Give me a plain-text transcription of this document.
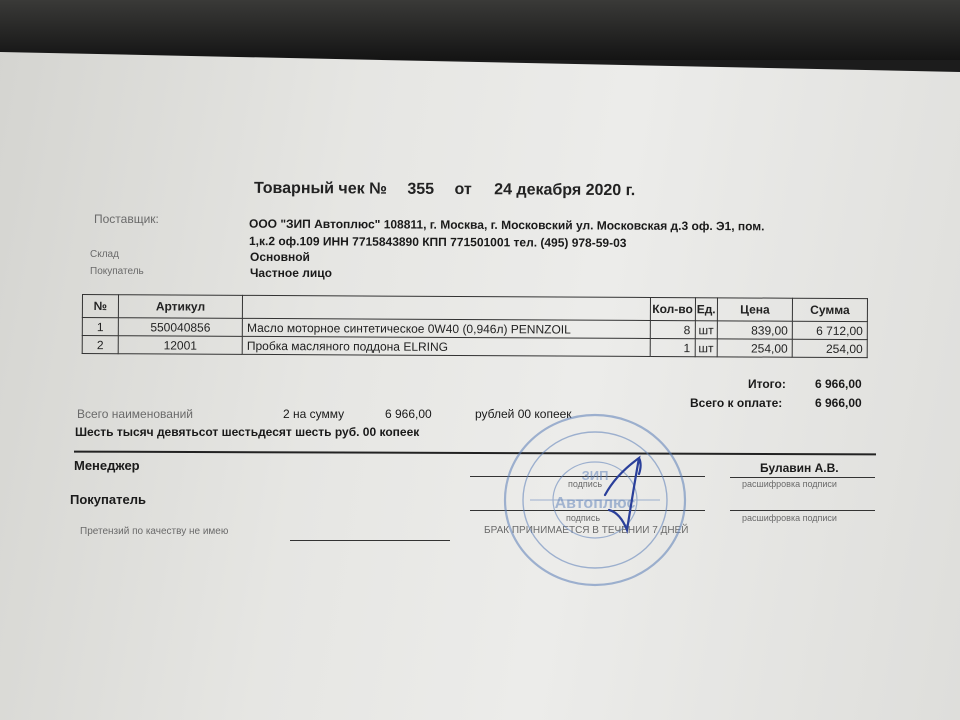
Товарный чек № 355 от 24 декабря 2020 г.
Поставщик:	ООО "ЗИП Автоплюс" 108811, г. Москва, г. Московский ул. Московская д.3 оф. Э1, пом.
1,к.2 оф.109 ИНН 7715843890 КПП 771501001 тел. (495) 978-59-03
Склад	Основной
Покупатель	Частное лицо
№	Артикул		Кол-во	Ед.	Цена	Сумма
1	550040856	Масло моторное синтетическое 0W40 (0,946л) PENNZOIL	8	шт	839,00	6 712,00
2	12001	Пробка масляного поддона ELRING	1	шт	254,00	254,00
Итого: 6 966,00
Всего к оплате:	6 966,00
Всего наименований	2 на сумму	6 966,00	рублей 00 копеек
Шесть тысяч девятьсот шестьдесят шесть руб. 00 копеек
Менеджер	Булавин А.В.
подпись	расшифровка подписи
Покупатель
подпись	расшифровка подписи
Претензий по качеству не имею	БРАК ПРИНИМАЕТСЯ В ТЕЧЕНИИ 7 ДНЕЙ
ЗИП
Автоплюс
